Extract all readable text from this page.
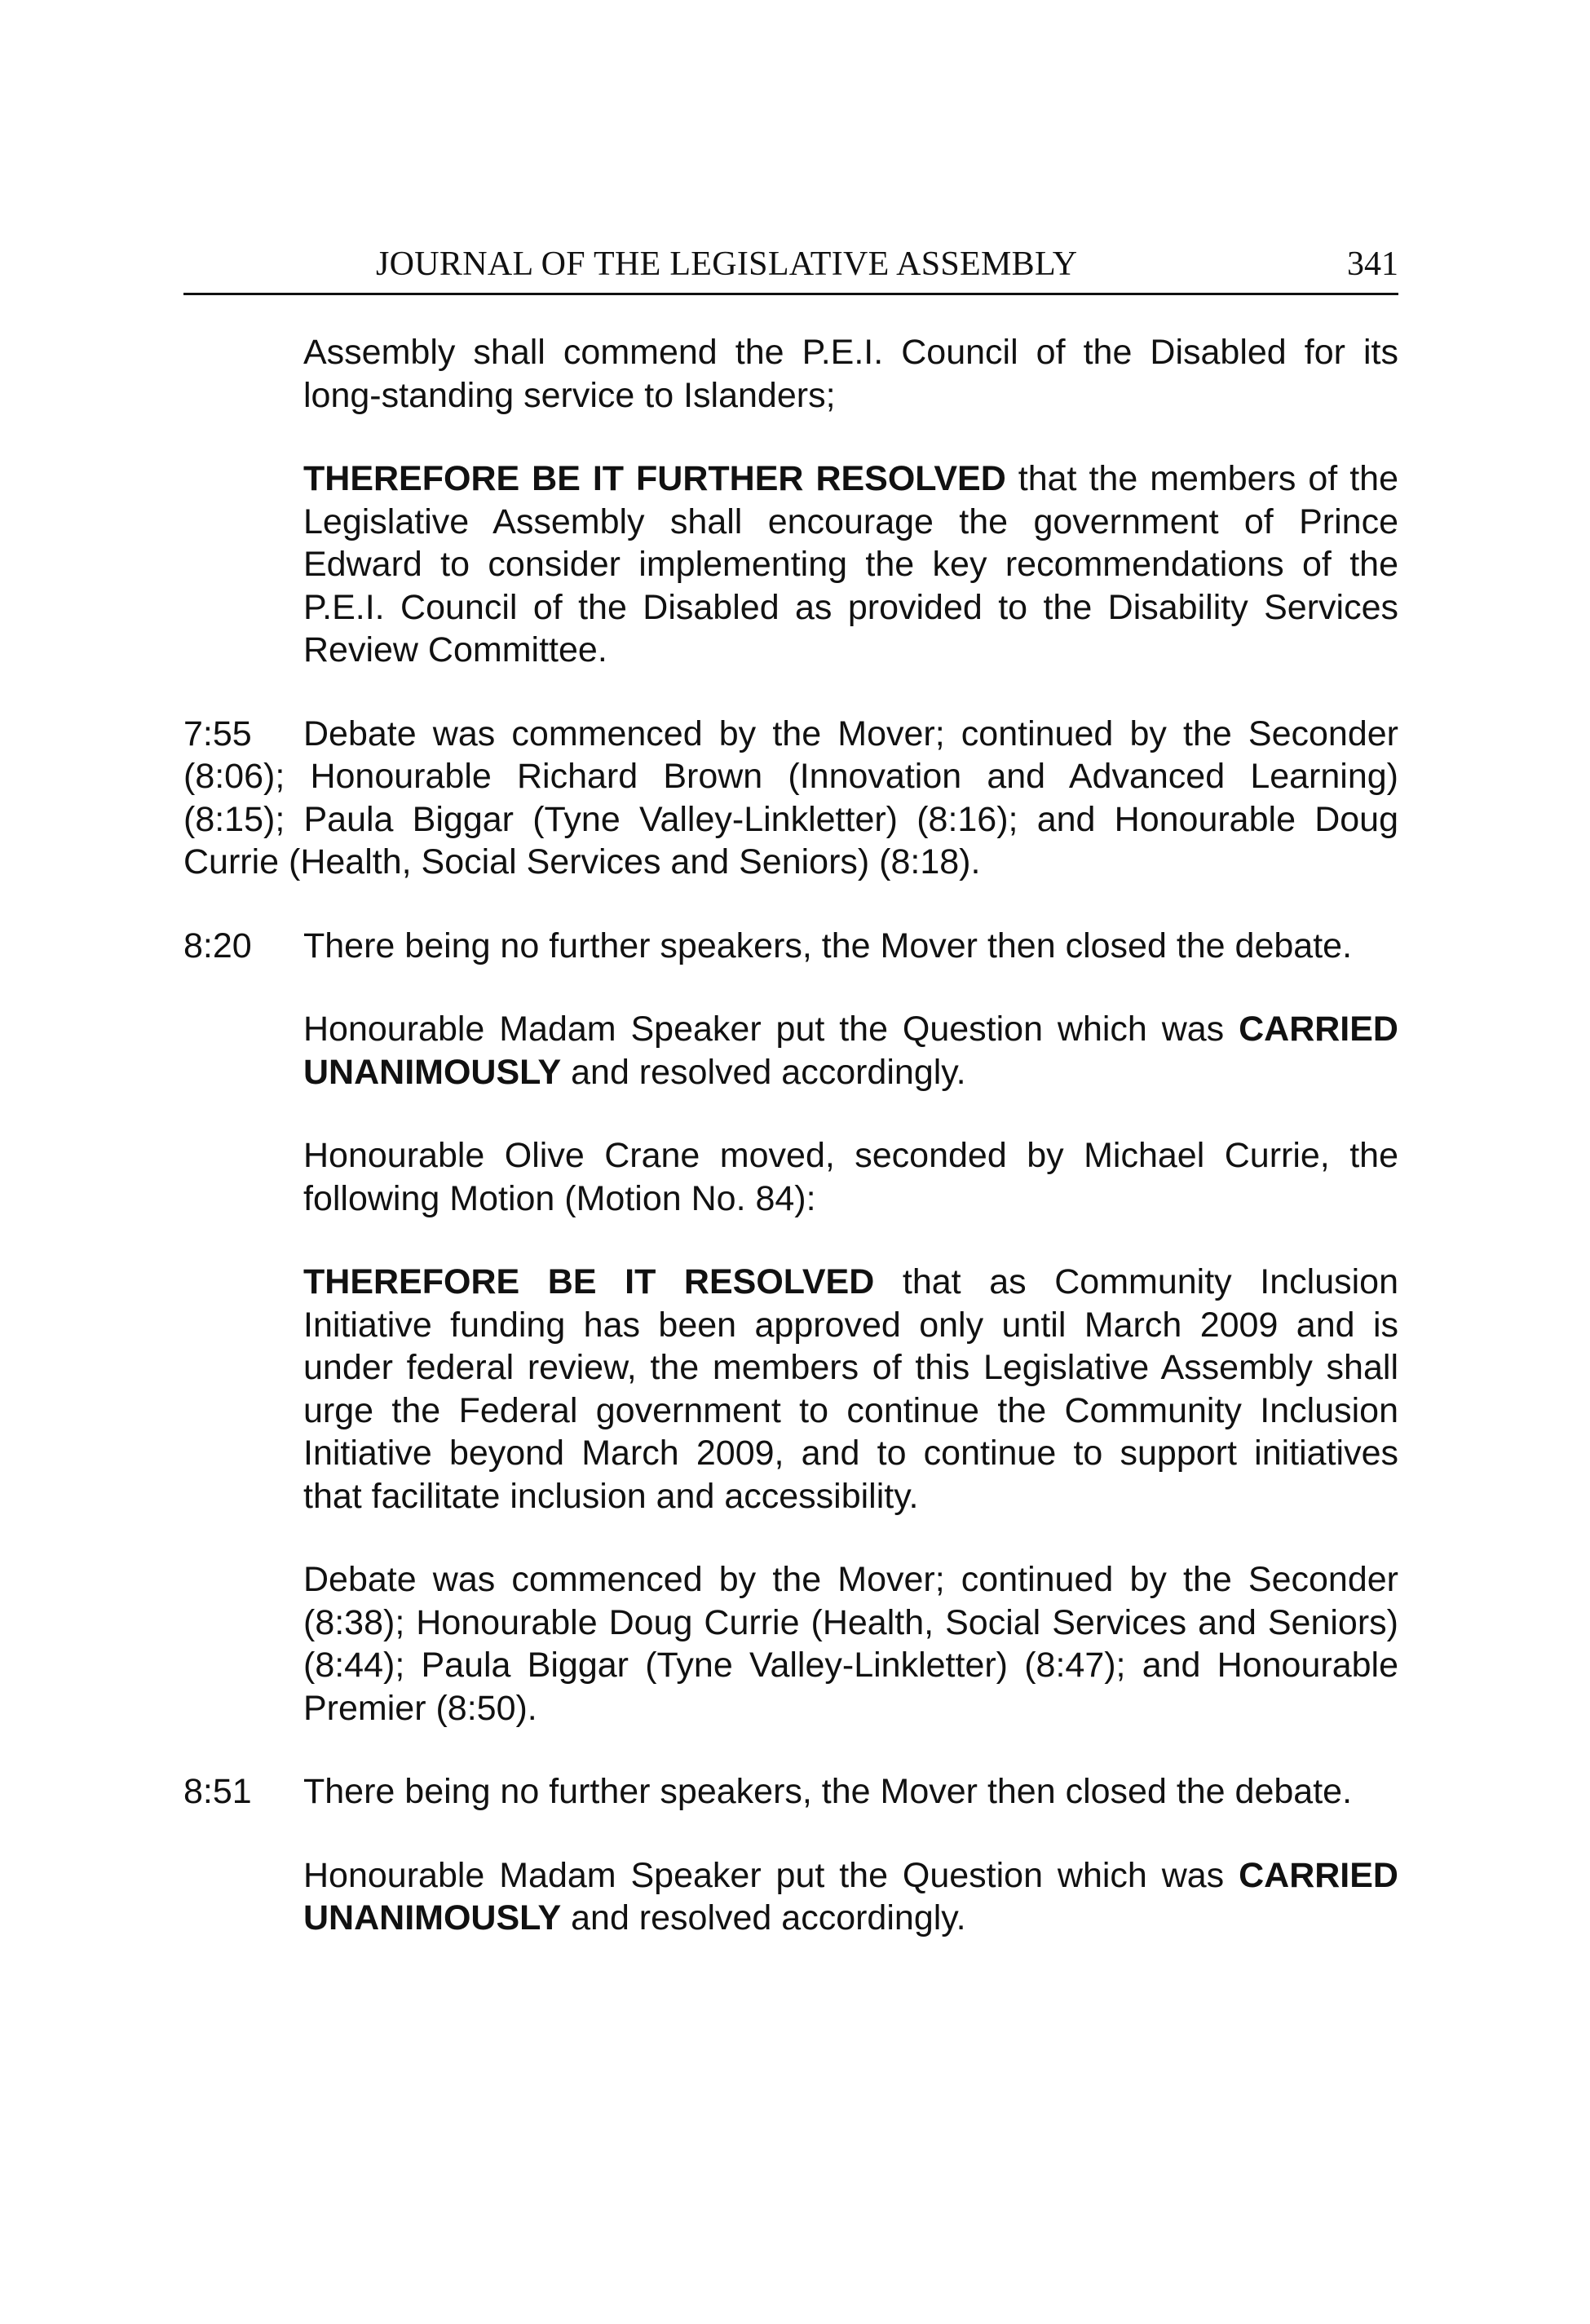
JOURNAL OF THE LEGISLATIVE ASSEMBLY	341

Assembly shall commend the P.E.I. Council of the Disabled for its long-standing service to Islanders;

THEREFORE BE IT FURTHER RESOLVED that the members of the Legislative Assembly shall encourage the government of Prince Edward to consider implementing the key recommendations of the P.E.I. Council of the Disabled as provided to the Disability Services Review Committee.

7:55 Debate was commenced by the Mover; continued by the Seconder (8:06); Honourable Richard Brown (Innovation and Advanced Learning) (8:15); Paula Biggar (Tyne Valley-Linkletter) (8:16); and Honourable Doug Currie (Health, Social Services and Seniors) (8:18).

8:20	There being no further speakers, the Mover then closed the debate.

Honourable Madam Speaker put the Question which was CARRIED UNANIMOUSLY and resolved accordingly.

Honourable Olive Crane moved, seconded by Michael Currie, the following Motion (Motion No. 84):

THEREFORE BE IT RESOLVED that as Community Inclusion Initiative funding has been approved only until March 2009 and is under federal review, the members of this Legislative Assembly shall urge the Federal government to continue the Community Inclusion Initiative beyond March 2009, and to continue to support initiatives that facilitate inclusion and accessibility.

Debate was commenced by the Mover; continued by the Seconder (8:38); Honourable Doug Currie (Health, Social Services and Seniors) (8:44); Paula Biggar (Tyne Valley-Linkletter) (8:47); and Honourable Premier (8:50).

8:51	There being no further speakers, the Mover then closed the debate.

Honourable Madam Speaker put the Question which was CARRIED UNANIMOUSLY and resolved accordingly.
